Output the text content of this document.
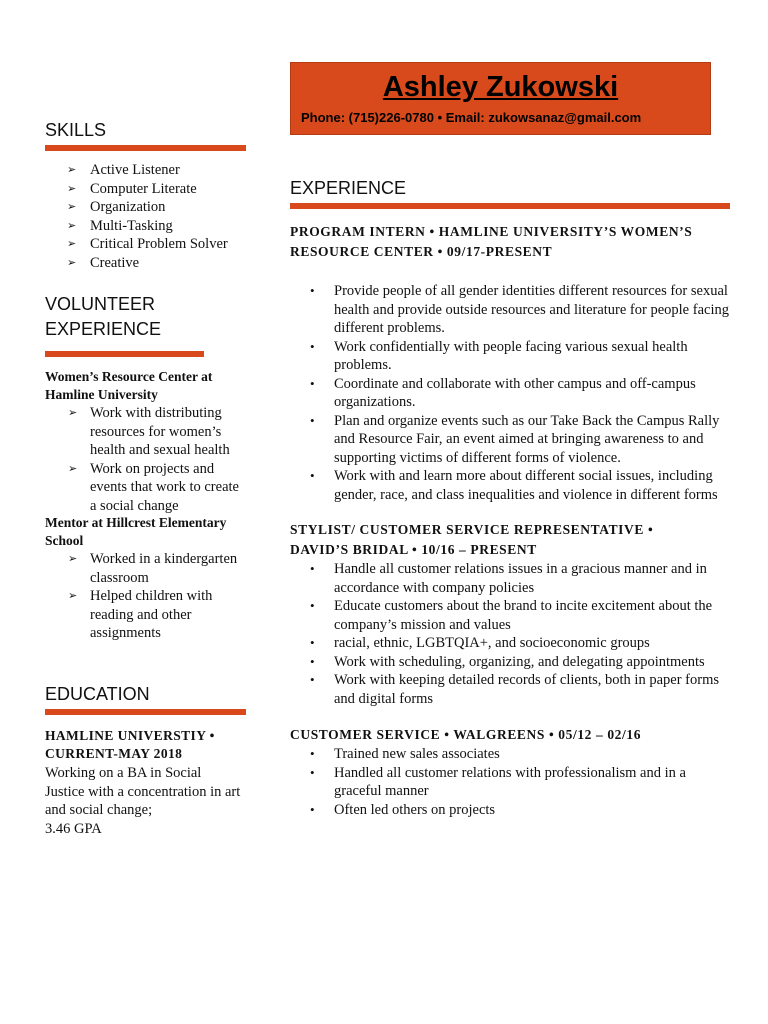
Ashley Zukowski
Phone: (715)226-0780 • Email: zukowsanaz@gmail.com
SKILLS
➢ Active Listener
➢ Computer Literate
➢ Organization
➢ Multi-Tasking
➢ Critical Problem Solver
➢ Creative
VOLUNTEER
EXPERIENCE
Women’s Resource Center at
Hamline University
➢ Work with distributing
resources for women’s
health and sexual health
➢ Work on projects and
events that work to create
a social change
Mentor at Hillcrest Elementary
School
➢ Worked in a kindergarten
classroom
➢ Helped children with
reading and other
assignments
EDUCATION
HAMLINE UNIVERSTIY •
CURRENT-MAY 2018
Working on a BA in Social
Justice with a concentration in art
and social change;
3.46 GPA
EXPERIENCE
PROGRAM INTERN • HAMLINE UNIVERSITY’S WOMEN’S
RESOURCE CENTER • 09/17-PRESENT
• Provide people of all gender identities different resources for sexual
health and provide outside resources and literature for people facing
different problems.
• Work confidentially with people facing various sexual health
problems.
• Coordinate and collaborate with other campus and off-campus
organizations.
• Plan and organize events such as our Take Back the Campus Rally
and Resource Fair, an event aimed at bringing awareness to and
supporting victims of different forms of violence.
• Work with and learn more about different social issues, including
gender, race, and class inequalities and violence in different forms
STYLIST/ CUSTOMER SERVICE REPRESENTATIVE •
DAVID’S BRIDAL • 10/16 – PRESENT
• Handle all customer relations issues in a gracious manner and in
accordance with company policies
• Educate customers about the brand to incite excitement about the
company’s mission and values
• racial, ethnic, LGBTQIA+, and socioeconomic groups
• Work with scheduling, organizing, and delegating appointments
• Work with keeping detailed records of clients, both in paper forms
and digital forms
CUSTOMER SERVICE • WALGREENS • 05/12 – 02/16
• Trained new sales associates
• Handled all customer relations with professionalism and in a
graceful manner
• Often led others on projects
